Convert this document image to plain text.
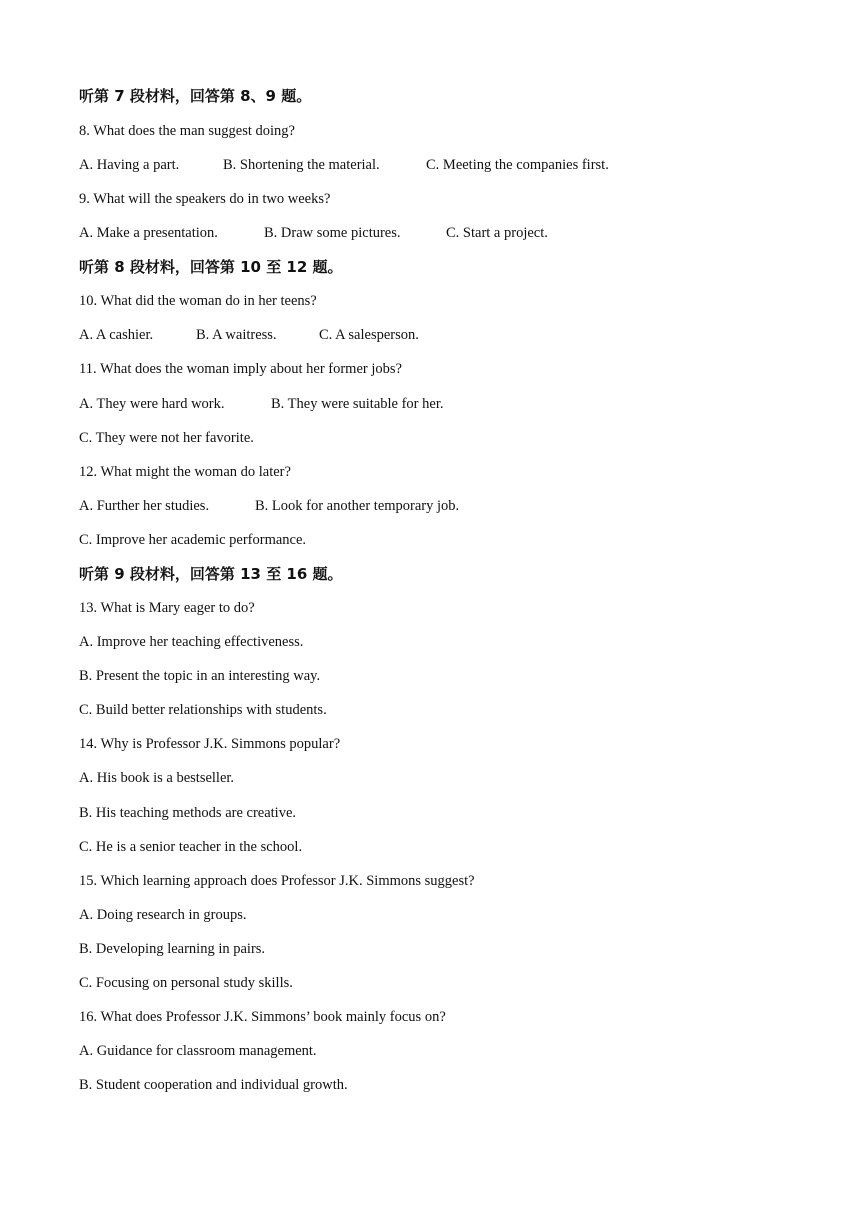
听第 7 段材料，回答第 8、9 题。
8. What does the man suggest doing?
A. Having a part.	B. Shortening the material.	C. Meeting the companies first.
9. What will the speakers do in two weeks?
A. Make a presentation.	B. Draw some pictures.	C. Start a project.
听第 8 段材料，回答第 10 至 12 题。
10. What did the woman do in her teens?
A. A cashier.	B. A waitress.	C. A salesperson.
11. What does the woman imply about her former jobs?
A. They were hard work.	B. They were suitable for her.
C. They were not her favorite.
12. What might the woman do later?
A. Further her studies.	B. Look for another temporary job.
C. Improve her academic performance.
听第 9 段材料，回答第 13 至 16 题。
13. What is Mary eager to do?
A. Improve her teaching effectiveness.
B. Present the topic in an interesting way.
C. Build better relationships with students.
14. Why is Professor J.K. Simmons popular?
A. His book is a bestseller.
B. His teaching methods are creative.
C. He is a senior teacher in the school.
15. Which learning approach does Professor J.K. Simmons suggest?
A. Doing research in groups.
B. Developing learning in pairs.
C. Focusing on personal study skills.
16. What does Professor J.K. Simmons’ book mainly focus on?
A. Guidance for classroom management.
B. Student cooperation and individual growth.
